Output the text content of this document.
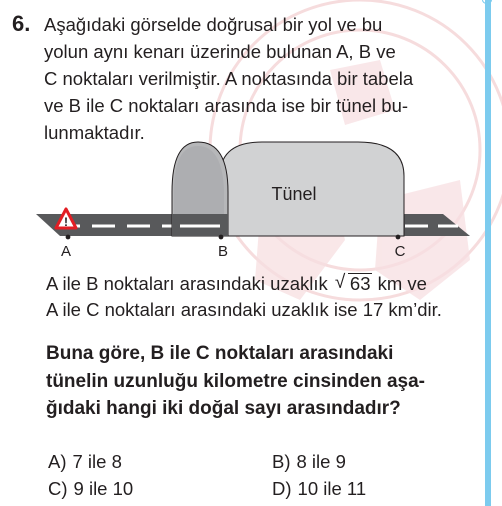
6. Aşağıdaki görselde doğrusal bir yol ve bu
yolun aynı kenarı üzerinde bulunan A, B ve
C noktaları verilmiştir. A noktasında bir tabela
ve B ile C noktaları arasında ise bir tünel bu-
lunmaktadır.

!
Tünel
A	B	C
A ile B noktaları arasındaki uzaklık √ 63 km ve
A ile C noktaları arasındaki uzaklık ise 17 km’dir.
Buna göre, B ile C noktaları arasındaki
tünelin uzunluğu kilometre cinsinden aşa-
ğıdaki hangi iki doğal sayı arasındadır?
A) 7 ile 8	B) 8 ile 9
C) 9 ile 10	D) 10 ile 11
